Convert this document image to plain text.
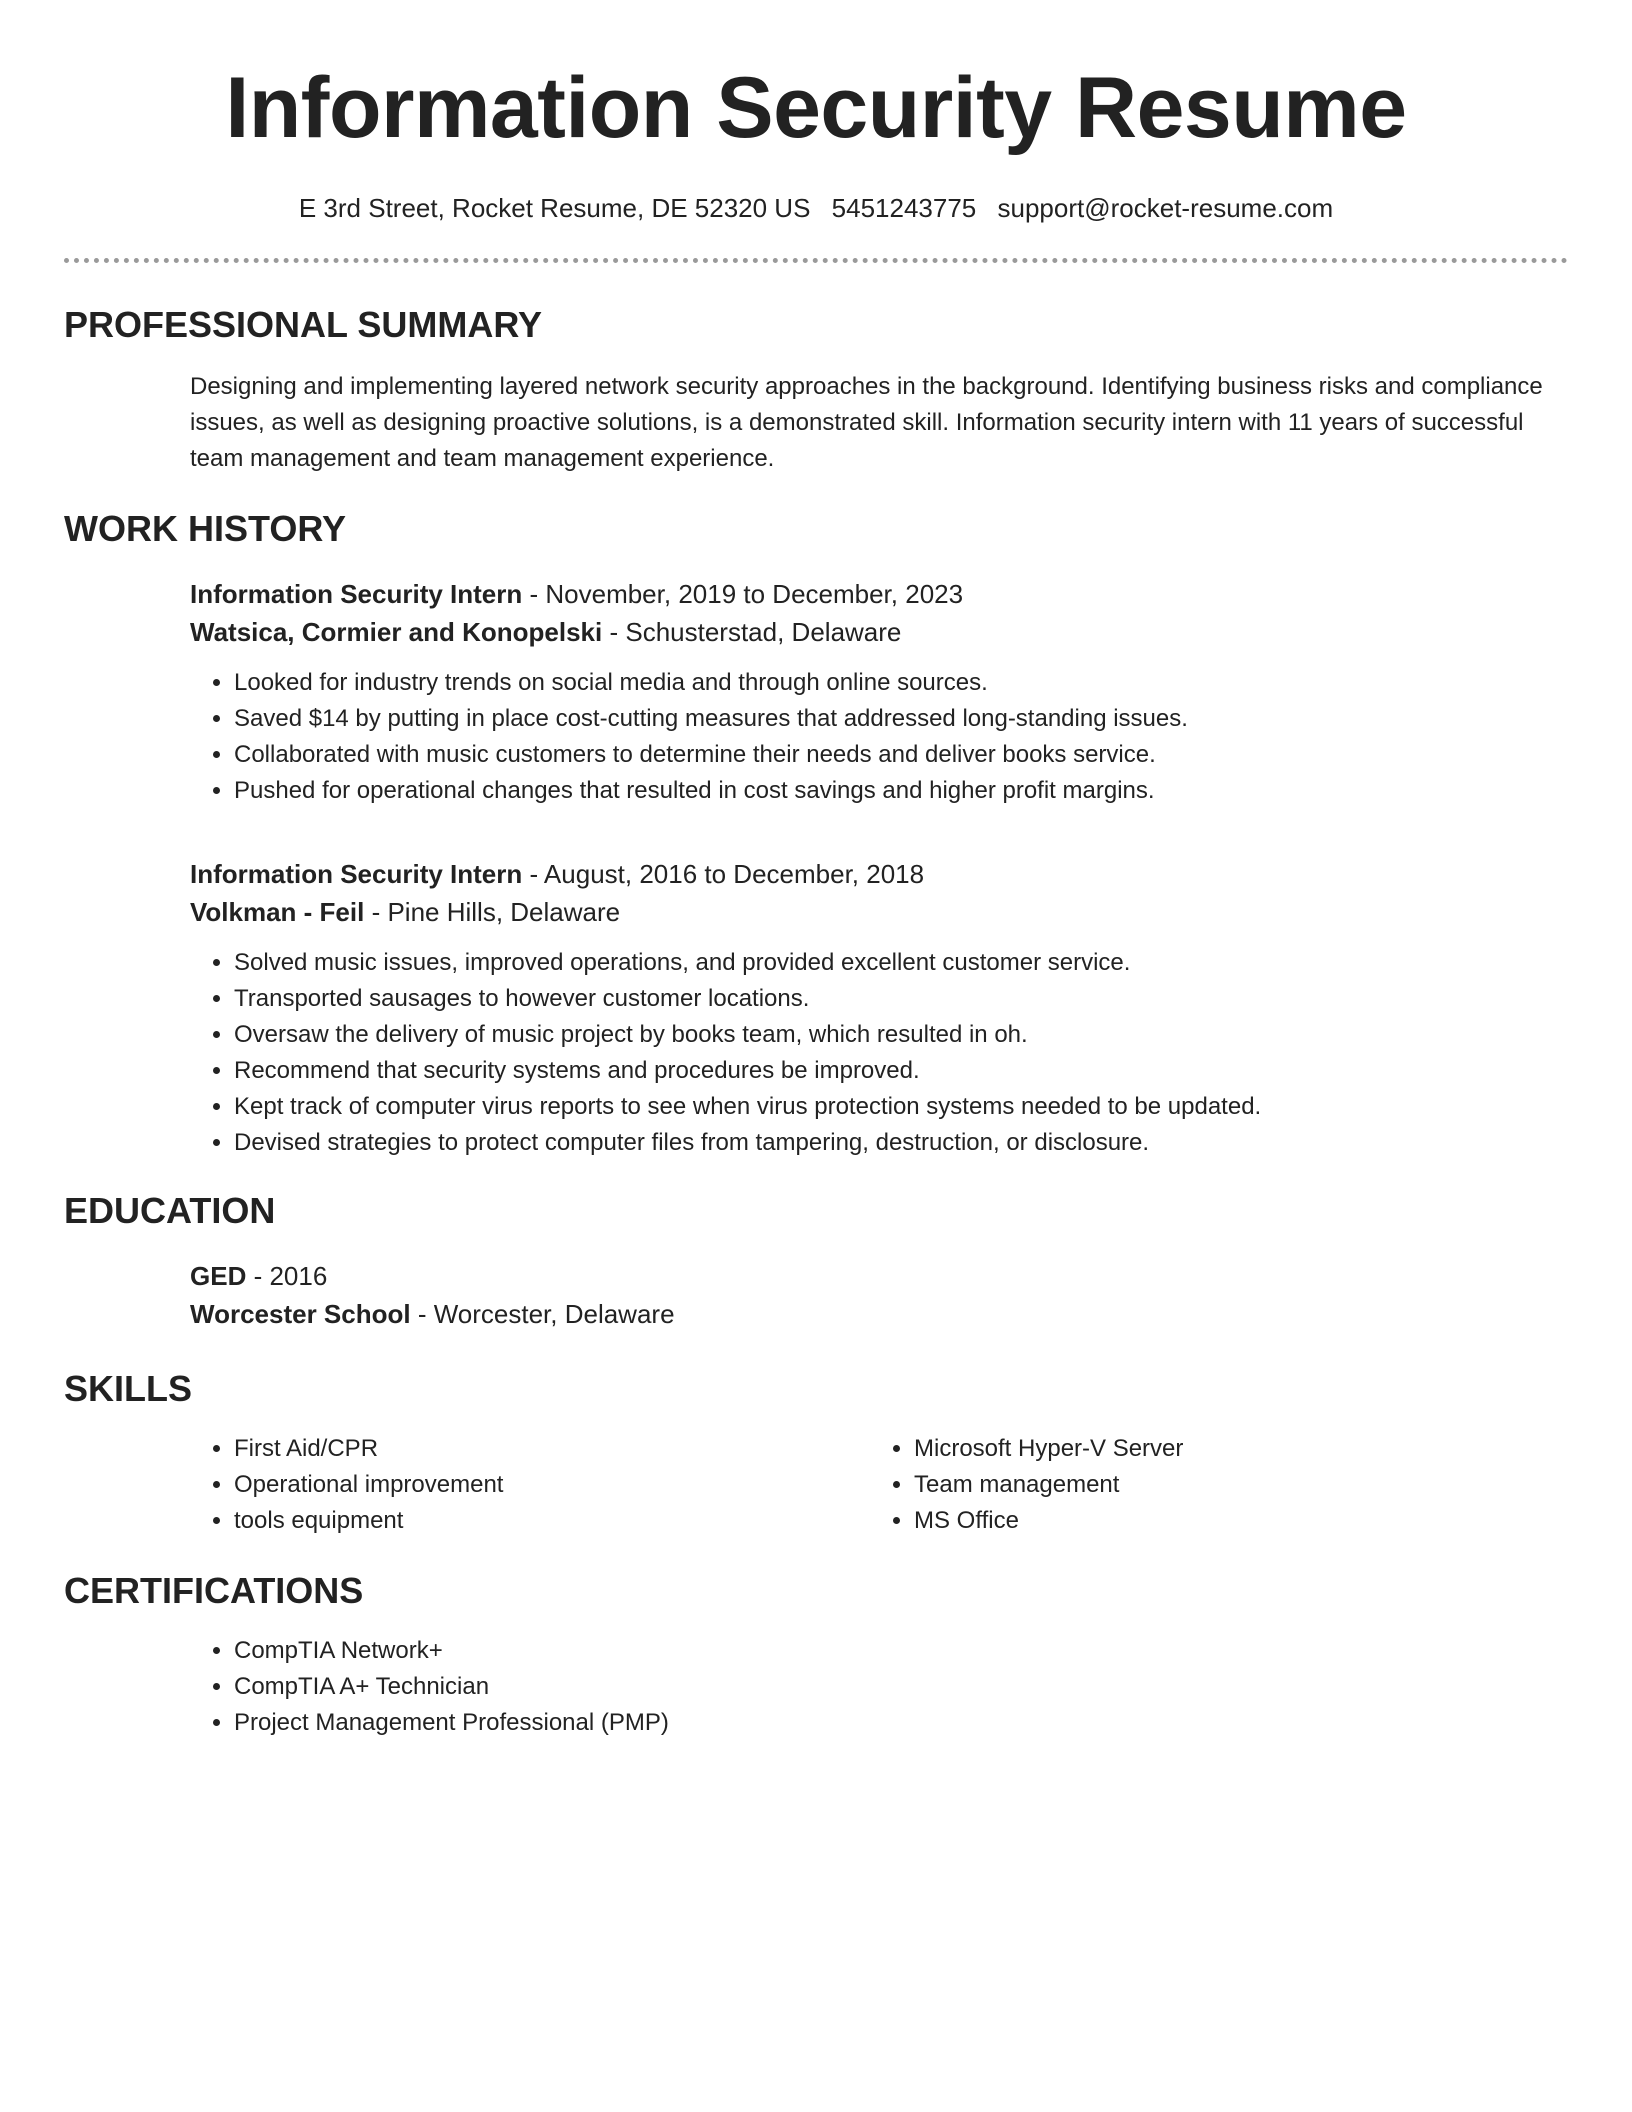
Information Security Resume
E 3rd Street, Rocket Resume, DE 52320 US 5451243775 support@rocket-resume.com
PROFESSIONAL SUMMARY
Designing and implementing layered network security approaches in the background. Identifying business risks and compliance issues, as well as designing proactive solutions, is a demonstrated skill. Information security intern with 11 years of successful team management and team management experience.
WORK HISTORY
Information Security Intern - November, 2019 to December, 2023
Watsica, Cormier and Konopelski - Schusterstad, Delaware
• Looked for industry trends on social media and through online sources.
• Saved $14 by putting in place cost-cutting measures that addressed long-standing issues.
• Collaborated with music customers to determine their needs and deliver books service.
• Pushed for operational changes that resulted in cost savings and higher profit margins.
Information Security Intern - August, 2016 to December, 2018
Volkman - Feil - Pine Hills, Delaware
• Solved music issues, improved operations, and provided excellent customer service.
• Transported sausages to however customer locations.
• Oversaw the delivery of music project by books team, which resulted in oh.
• Recommend that security systems and procedures be improved.
• Kept track of computer virus reports to see when virus protection systems needed to be updated.
• Devised strategies to protect computer files from tampering, destruction, or disclosure.
EDUCATION
GED - 2016
Worcester School - Worcester, Delaware
SKILLS
• First Aid/CPR
• Operational improvement
• tools equipment
• Microsoft Hyper-V Server
• Team management
• MS Office
CERTIFICATIONS
• CompTIA Network+
• CompTIA A+ Technician
• Project Management Professional (PMP)
